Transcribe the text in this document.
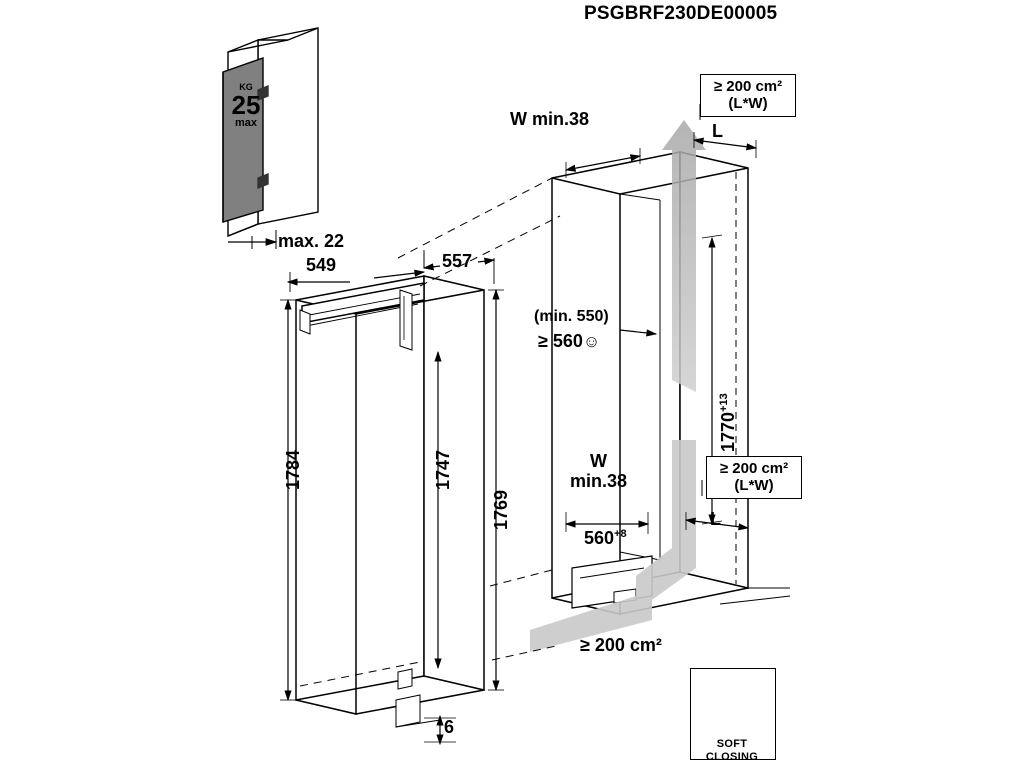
PSGBRF230DE00005
KG
25
max
max. 22
549	557
1784	1747
1769
6
W min.38
L
≥ 200 cm²
(L*W)
(min. 550)
≥ 560☺
$1770^{+13}$
W
min.38
$560^{+8}$
L
≥ 200 cm²
(L*W)
≥ 200 cm²
SOFT
CLOSING
